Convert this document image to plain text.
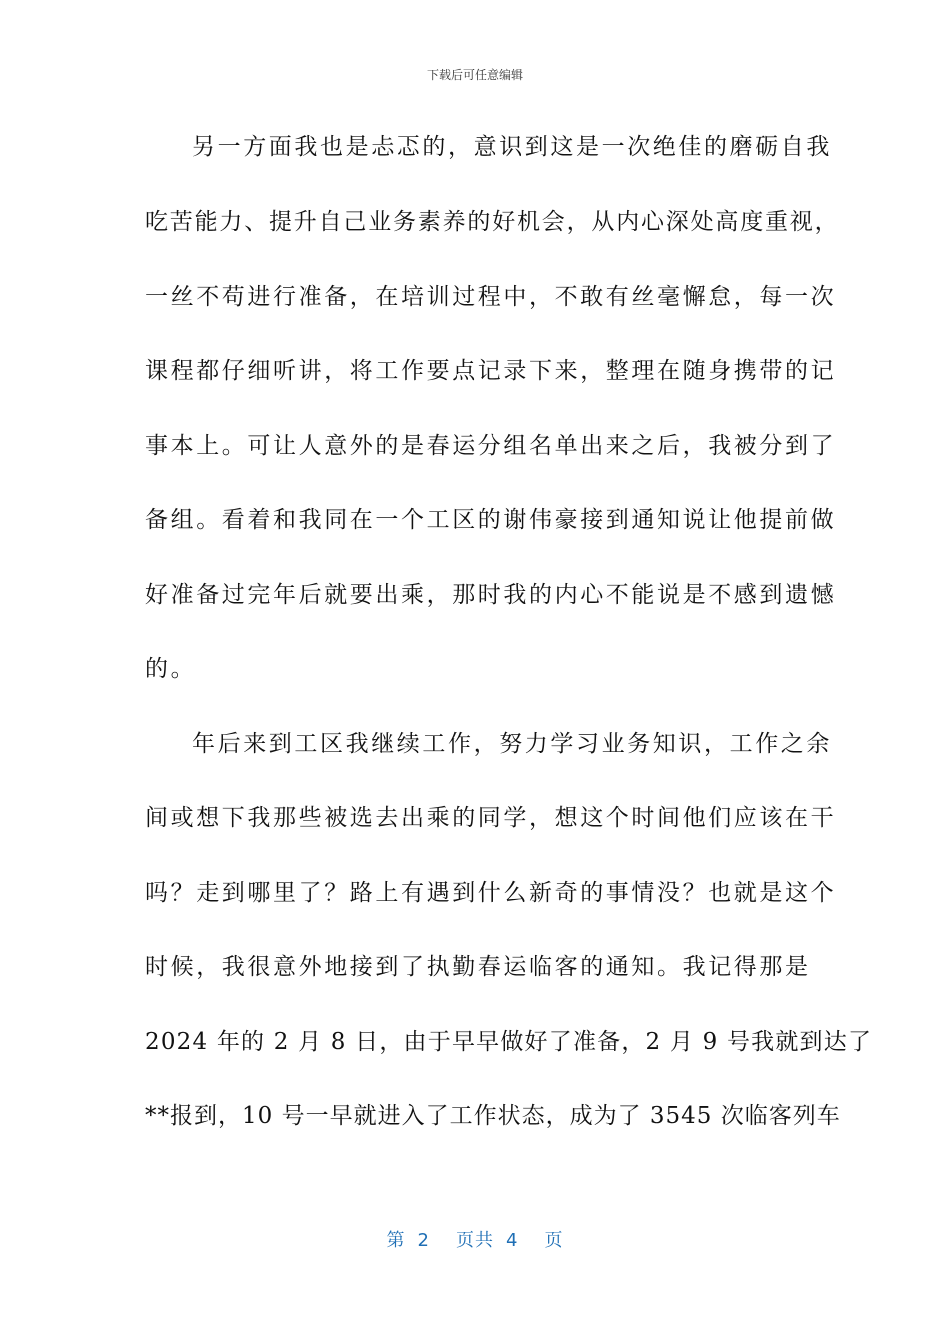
下载后可任意编辑
另一方面我也是忐忑的，意识到这是一次绝佳的磨砺自我
吃苦能力、提升自己业务素养的好机会，从内心深处高度重视，
一丝不苟进行准备，在培训过程中，不敢有丝毫懈怠，每一次
课程都仔细听讲，将工作要点记录下来，整理在随身携带的记
事本上。可让人意外的是春运分组名单出来之后，我被分到了
备组。看着和我同在一个工区的谢伟豪接到通知说让他提前做
好准备过完年后就要出乘，那时我的内心不能说是不感到遗憾
的。
年后来到工区我继续工作，努力学习业务知识，工作之余
间或想下我那些被选去出乘的同学，想这个时间他们应该在干
吗？走到哪里了？路上有遇到什么新奇的事情没？也就是这个
时候，我很意外地接到了执勤春运临客的通知。我记得那是
2024 年的 2 月 8 日，由于早早做好了准备，2 月 9 号我就到达了
**报到，10 号一早就进入了工作状态，成为了 3545 次临客列车
第 2 页共 4 页
